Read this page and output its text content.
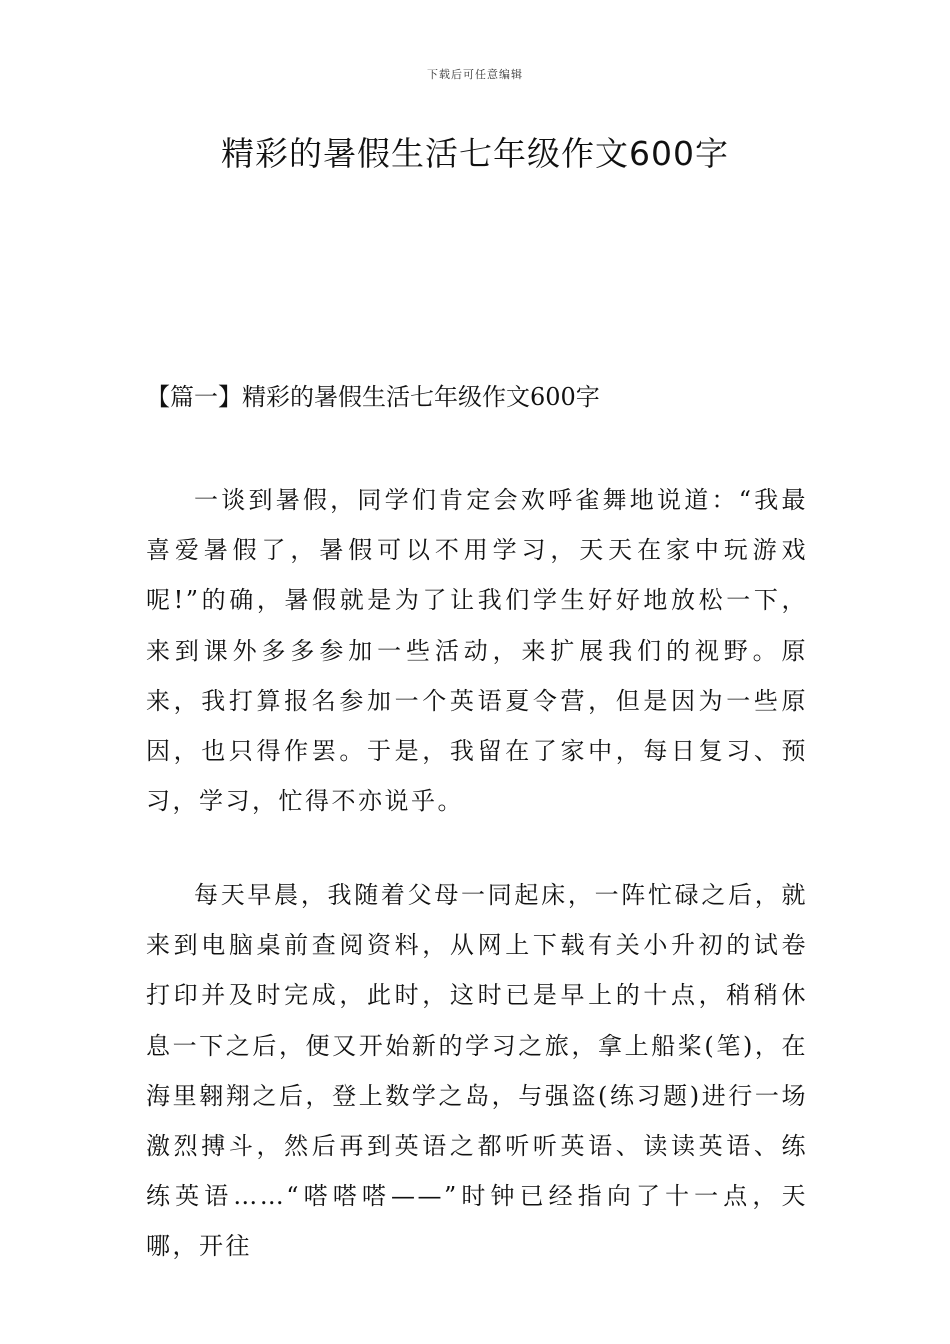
下载后可任意编辑
精彩的暑假生活七年级作文600字
【篇一】精彩的暑假生活七年级作文600字

一谈到暑假，同学们肯定会欢呼雀舞地说道：“我最喜爱暑假了，暑假可以不用学习，天天在家中玩游戏呢!”的确，暑假就是为了让我们学生好好地放松一下，来到课外多多参加一些活动，来扩展我们的视野。原来，我打算报名参加一个英语夏令营，但是因为一些原因，也只得作罢。于是，我留在了家中，每日复习、预习，学习，忙得不亦说乎。

每天早晨，我随着父母一同起床，一阵忙碌之后，就来到电脑桌前查阅资料，从网上下载有关小升初的试卷打印并及时完成，此时，这时已是早上的十点，稍稍休息一下之后，便又开始新的学习之旅，拿上船桨(笔)，在海里翱翔之后，登上数学之岛，与强盗(练习题)进行一场激烈搏斗，然后再到英语之都听听英语、读读英语、练练英语……“嗒嗒嗒——”时钟已经指向了十一点，天哪，开往
